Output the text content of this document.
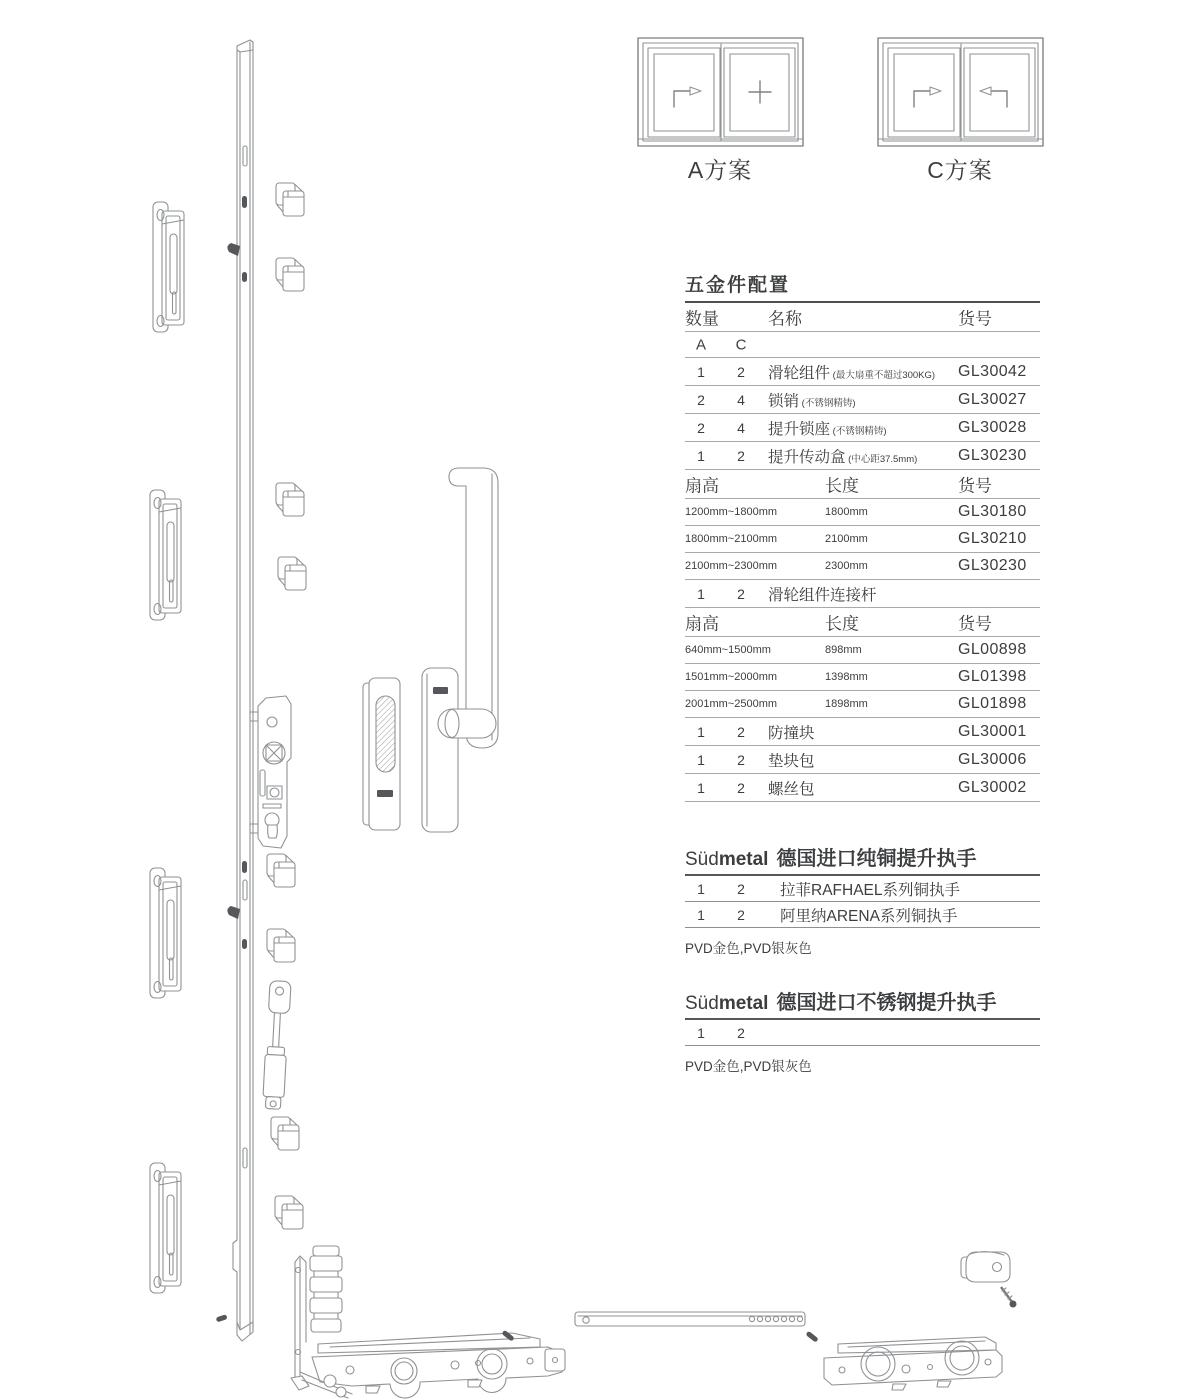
A方案	C方案
五金件配置
数量	名称	货号
A	C
1	2	滑轮组件 (最大扇重不超过300KG) GL30042
2	4	锁销 (不锈钢精铸)	GL30027
2	4	提升锁座 (不锈钢精铸)	GL30028
1	2	提升传动盒 (中心距37.5mm)	GL30230
扇高	长度	货号
1200mm~1800mm	1800mm	GL30180
1800mm~2100mm	2100mm	GL30210
2100mm~2300mm	2300mm	GL30230
1	2	滑轮组件连接杆
扇高	长度	货号
640mm~1500mm	898mm	GL00898
1501mm~2000mm	1398mm	GL01398
2001mm~2500mm	1898mm	GL01898
1	2	防撞块	GL30001
1	2	垫块包	GL30006
1	2	螺丝包	GL30002
Südmetal 德国进口纯铜提升执手
1	2	拉菲RAFHAEL系列铜执手
1	2	阿里纳ARENA系列铜执手
PVD金色,PVD银灰色
Südmetal 德国进口不锈钢提升执手
1	2
PVD金色,PVD银灰色
